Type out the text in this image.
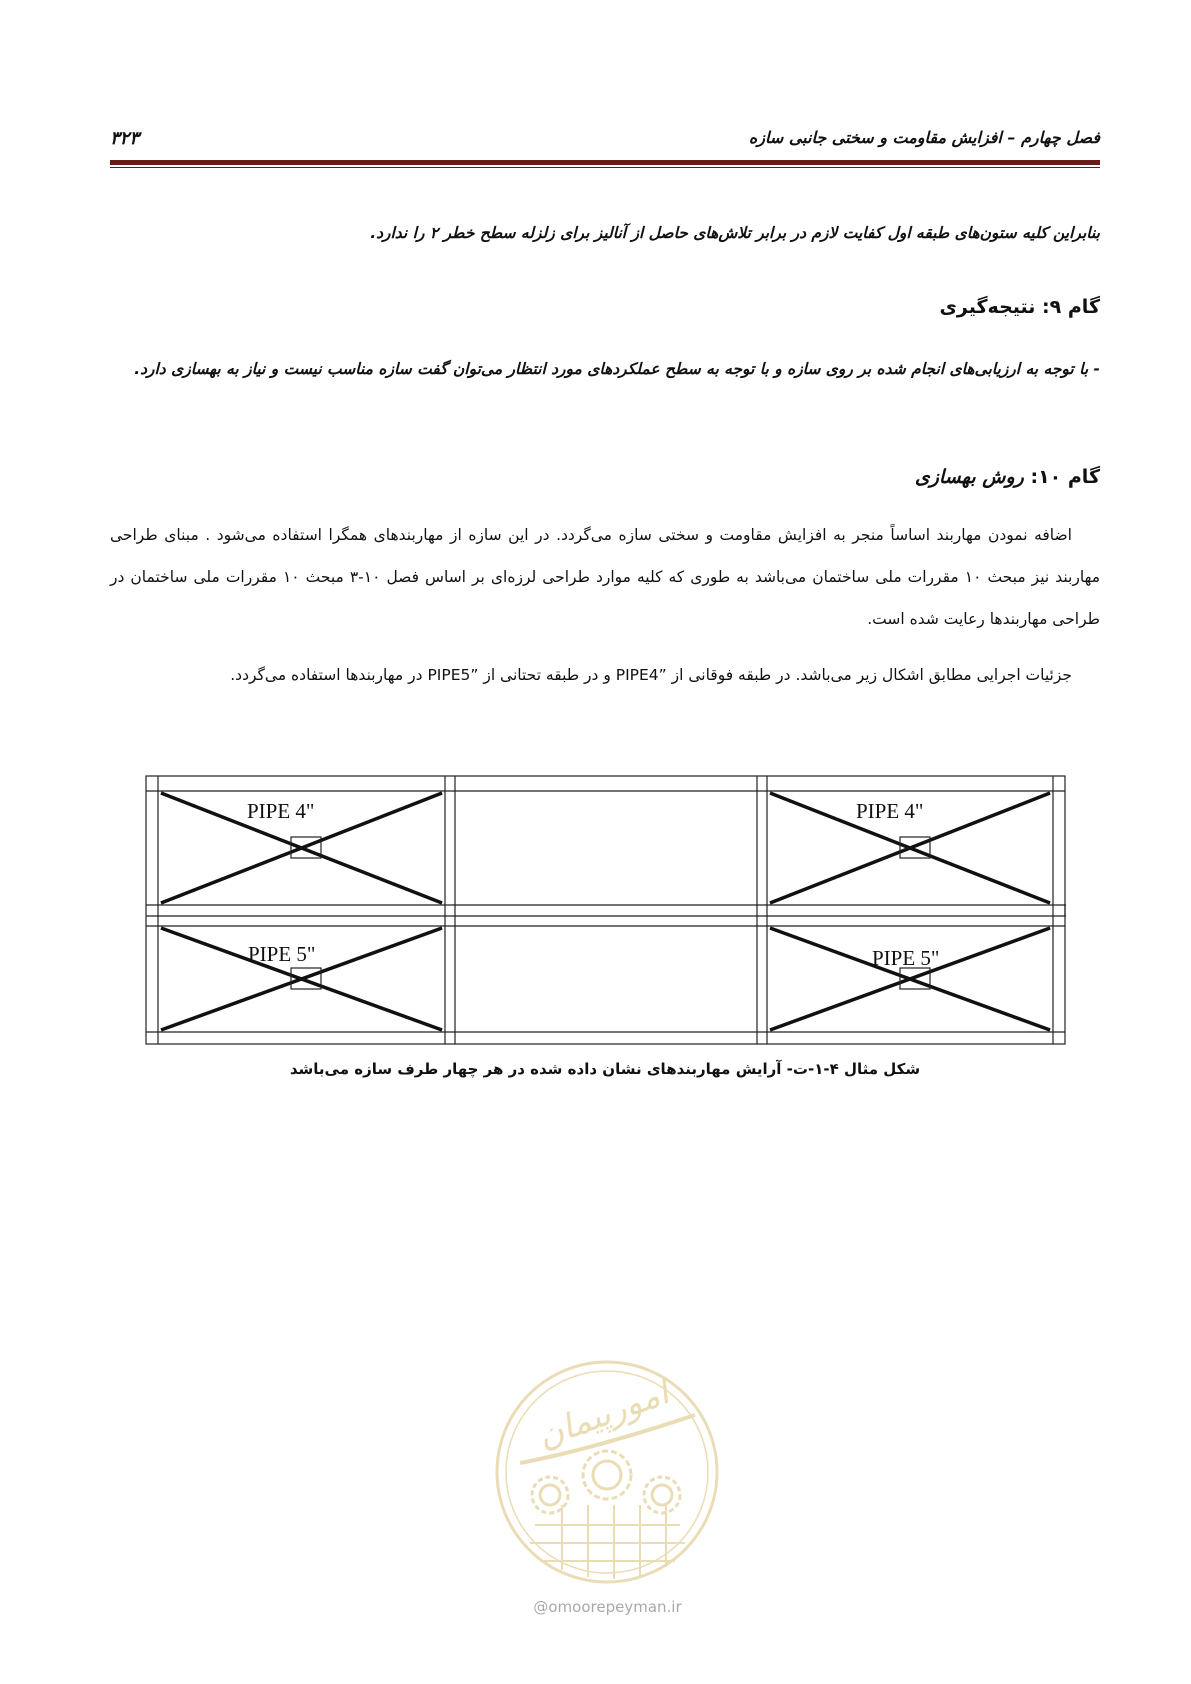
فصل چهارم – افزایش مقاومت و سختی جانبی سازه
۳۲۳
بنابراین کلیه ستون‌های طبقه اول کفایت لازم در برابر تلاش‌های حاصل از آنالیز برای زلزله سطح خطر ۲ را ندارد.
گام ۹: نتیجه‌گیری
- با توجه به ارزیابی‌های انجام شده بر روی سازه و با توجه به سطح عملکردهای مورد انتظار می‌توان گفت سازه مناسب نیست و نیاز به بهسازی دارد.
گام ۱۰: روش بهسازی
اضافه نمودن مهاربند اساساً منجر به افزایش مقاومت و سختی سازه می‌گردد. در این سازه از مهاربندهای همگرا استفاده می‌شود . مبنای طراحی مهاربند نیز مبحث ۱۰ مقررات ملی ساختمان می‌باشد به طوری که کلیه موارد طراحی لرزه‌ای بر اساس فصل ۱۰-۳ مبحث ۱۰ مقررات ملی ساختمان در طراحی مهاربندها رعایت شده است.
جزئیات اجرایی مطابق اشکال زیر می‌باشد. در طبقه فوقانی از ”PIPE4 و در طبقه تحتانی از ”PIPE5 در مهاربندها استفاده می‌گردد.
PIPE 4"	PIPE 4"
PIPE 5"	PIPE 5"
شکل مثال ۴-۱-ت- آرایش مهاربندهای نشان داده شده در هر چهار طرف سازه می‌باشد
امورپیمان
@omoorepeyman.ir
